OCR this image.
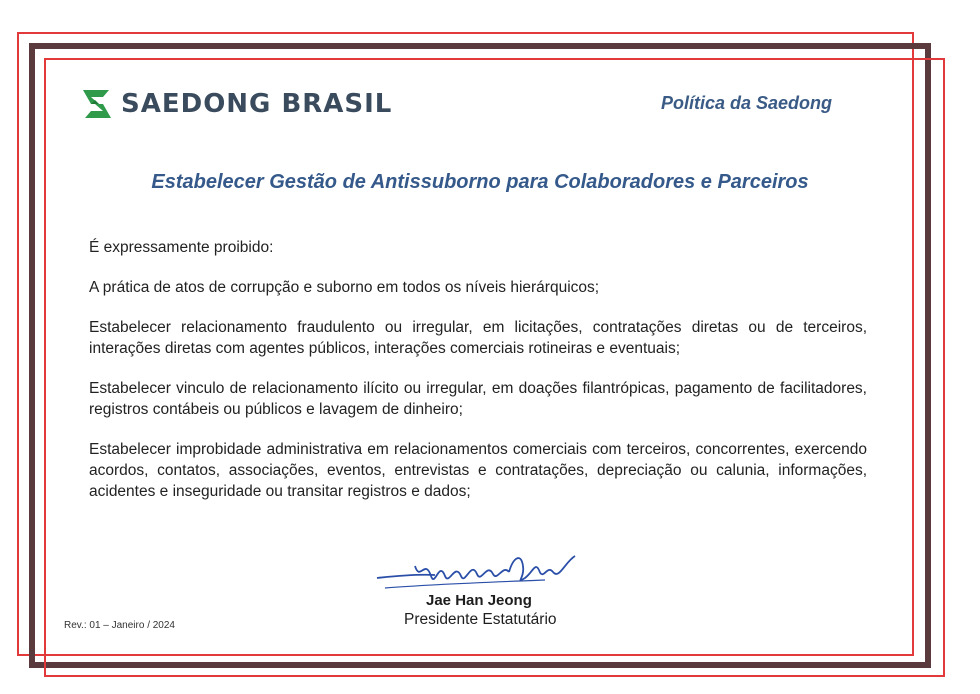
SAEDONG BRASIL	Política da Saedong
Estabelecer Gestão de Antissuborno para Colaboradores e Parceiros

É expressamente proibido:

A prática de atos de corrupção e suborno em todos os níveis hierárquicos;

Estabelecer relacionamento fraudulento ou irregular, em licitações, contratações diretas ou de terceiros, interações diretas com agentes públicos, interações comerciais rotineiras e eventuais;

Estabelecer vinculo de relacionamento ilícito ou irregular, em doações filantrópicas, pagamento de facilitadores, registros contábeis ou públicos e lavagem de dinheiro;

Estabelecer improbidade administrativa em relacionamentos comerciais com terceiros, concorrentes, exercendo acordos, contatos, associações, eventos, entrevistas e contratações, depreciação ou calunia, informações, acidentes e inseguridade ou transitar registros e dados;

Jae Han Jeong
Presidente Estatutário
Rev.: 01 – Janeiro / 2024
